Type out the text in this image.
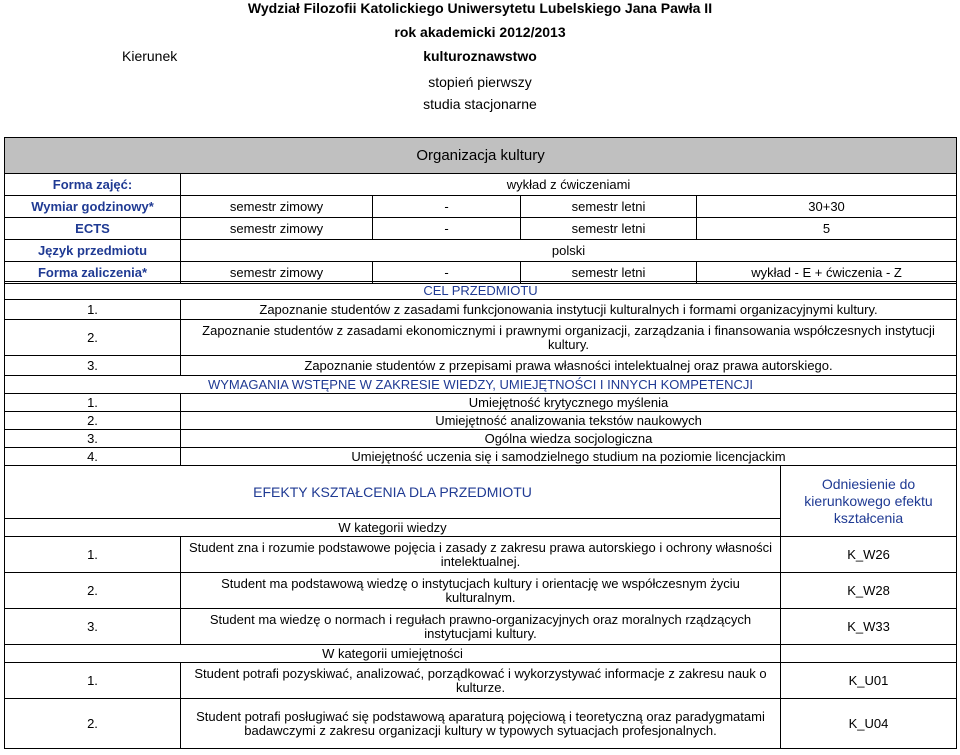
Wydział Filozofii Katolickiego Uniwersytetu Lubelskiego Jana Pawła II
rok akademicki 2012/2013
Kierunek	kulturoznawstwo
stopień pierwszy
studia stacjonarne
Organizacja kultury				
Forma zajęć:	wykład z ćwiczeniami			
Wymiar godzinowy*	semestr zimowy	-	semestr letni	30+30
ECTS	semestr zimowy	-	semestr letni	5
Język przedmiotu	polski			
Forma zaliczenia*	semestr zimowy	-	semestr letni	wykład - E + ćwiczenia - Z
CEL PRZEDMIOTU	
1.	Zapoznanie studentów z zasadami funkcjonowania instytucji kulturalnych i formami organizacyjnymi kultury.
2.	Zapoznanie studentów z zasadami ekonomicznymi i prawnymi organizacji, zarządzania i finansowania współczesnych instytucji kultury.
3.	Zapoznanie studentów z przepisami prawa własności intelektualnej oraz prawa autorskiego.
WYMAGANIA WSTĘPNE W ZAKRESIE WIEDZY, UMIEJĘTNOŚCI I INNYCH KOMPETENCJI	
1.	Umiejętność krytycznego myślenia
2.	Umiejętność analizowania tekstów naukowych
3.	Ogólna wiedza socjologiczna
4.	Umiejętność uczenia się i samodzielnego studium na poziomie licencjackim
EFEKTY KSZTAŁCENIA DLA PRZEDMIOTU		Odniesienie do kierunkowego efektu kształcenia
W kategorii wiedzy		
1.	Student zna i rozumie podstawowe pojęcia i zasady z zakresu prawa autorskiego i ochrony własności intelektualnej.	K_W26
2.	Student ma podstawową wiedzę o instytucjach kultury i orientację we współczesnym życiu kulturalnym.	K_W28
3.	Student ma wiedzę o normach i regułach prawno-organizacyjnych oraz moralnych rządzących instytucjami kultury.	K_W33
W kategorii umiejętności		
1.	Student potrafi pozyskiwać, analizować, porządkować i wykorzystywać informacje z zakresu nauk o kulturze.	K_U01
2.	Student potrafi posługiwać się podstawową aparaturą pojęciową i teoretyczną oraz paradygmatami badawczymi z zakresu organizacji kultury w typowych sytuacjach profesjonalnych.	K_U04
